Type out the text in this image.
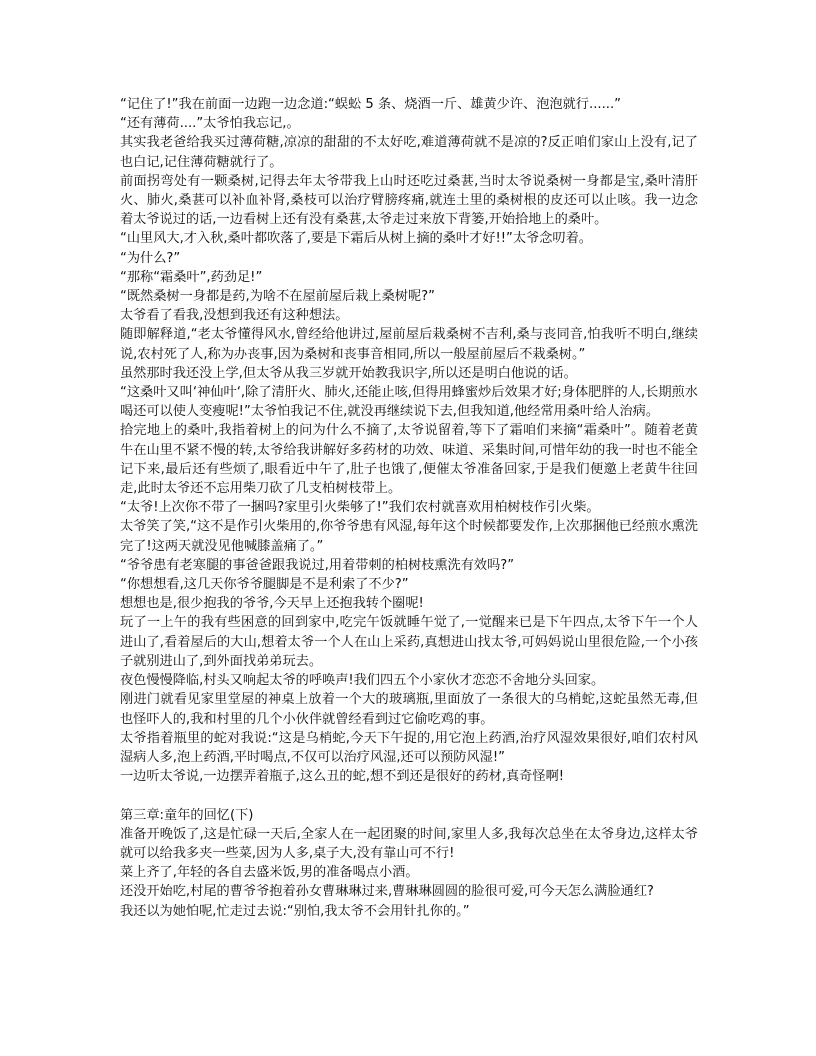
“记住了!”我在前面一边跑一边念道:“蜈蚣 5 条、烧酒一斤、雄黄少许、泡泡就行......”

“还有薄荷....”太爷怕我忘记,。

其实我老爸给我买过薄荷糖,凉凉的甜甜的不太好吃,难道薄荷就不是凉的?反正咱们家山上没有,记了也白记,记住薄荷糖就行了。

前面拐弯处有一颗桑树,记得去年太爷带我上山时还吃过桑葚,当时太爷说桑树一身都是宝,桑叶清肝火、肺火,桑葚可以补血补肾,桑枝可以治疗臂膀疼痛,就连土里的桑树根的皮还可以止咳。我一边念着太爷说过的话,一边看树上还有没有桑葚,太爷走过来放下背篓,开始拾地上的桑叶。

“山里风大,才入秋,桑叶都吹落了,要是下霜后从树上摘的桑叶才好!!”太爷念叨着。

“为什么?”

“那称“霜桑叶”,药劲足!”

“既然桑树一身都是药,为啥不在屋前屋后栽上桑树呢?”

太爷看了看我,没想到我还有这种想法。

随即解释道,“老太爷懂得风水,曾经给他讲过,屋前屋后栽桑树不吉利,桑与丧同音,怕我听不明白,继续说,农村死了人,称为办丧事,因为桑树和丧事音相同,所以一般屋前屋后不栽桑树。”

虽然那时我还没上学,但太爷从我三岁就开始教我识字,所以还是明白他说的话。

“这桑叶又叫‘神仙叶‘,除了清肝火、肺火,还能止咳,但得用蜂蜜炒后效果才好;身体肥胖的人,长期煎水喝还可以使人变瘦呢!”太爷怕我记不住,就没再继续说下去,但我知道,他经常用桑叶给人治病。

拾完地上的桑叶,我指着树上的问为什么不摘了,太爷说留着,等下了霜咱们来摘“霜桑叶”。随着老黄牛在山里不紧不慢的转,太爷给我讲解好多药材的功效、味道、采集时间,可惜年幼的我一时也不能全记下来,最后还有些烦了,眼看近中午了,肚子也饿了,便催太爷准备回家,于是我们便邀上老黄牛往回走,此时太爷还不忘用柴刀砍了几支柏树枝带上。

“太爷!上次你不带了一捆吗?家里引火柴够了!”我们农村就喜欢用柏树枝作引火柴。

太爷笑了笑,“这不是作引火柴用的,你爷爷患有风湿,每年这个时候都要发作,上次那捆他已经煎水熏洗完了!这两天就没见他喊膝盖痛了。”

“爷爷患有老寒腿的事爸爸跟我说过,用着带刺的柏树枝熏洗有效吗?”

“你想想看,这几天你爷爷腿脚是不是利索了不少?”

想想也是,很少抱我的爷爷,今天早上还抱我转个圈呢!

玩了一上午的我有些困意的回到家中,吃完午饭就睡午觉了,一觉醒来已是下午四点,太爷下午一个人进山了,看着屋后的大山,想着太爷一个人在山上采药,真想进山找太爷,可妈妈说山里很危险,一个小孩子就别进山了,到外面找弟弟玩去。

夜色慢慢降临,村头又响起太爷的呼唤声!我们四五个小家伙才恋恋不舍地分头回家。

刚进门就看见家里堂屋的神桌上放着一个大的玻璃瓶,里面放了一条很大的乌梢蛇,这蛇虽然无毒,但也怪吓人的,我和村里的几个小伙伴就曾经看到过它偷吃鸡的事。

太爷指着瓶里的蛇对我说:“这是乌梢蛇,今天下午捉的,用它泡上药酒,治疗风湿效果很好,咱们农村风湿病人多,泡上药酒,平时喝点,不仅可以治疗风湿,还可以预防风湿!”

一边听太爷说,一边摆弄着瓶子,这么丑的蛇,想不到还是很好的药材,真奇怪啊!

第三章:童年的回忆(下)

准备开晚饭了,这是忙碌一天后,全家人在一起团聚的时间,家里人多,我每次总坐在太爷身边,这样太爷就可以给我多夹一些菜,因为人多,桌子大,没有靠山可不行!

菜上齐了,年轻的各自去盛米饭,男的准备喝点小酒。

还没开始吃,村尾的曹爷爷抱着孙女曹琳琳过来,曹琳琳圆圆的脸很可爱,可今天怎么满脸通红?

我还以为她怕呢,忙走过去说:“别怕,我太爷不会用针扎你的。”
